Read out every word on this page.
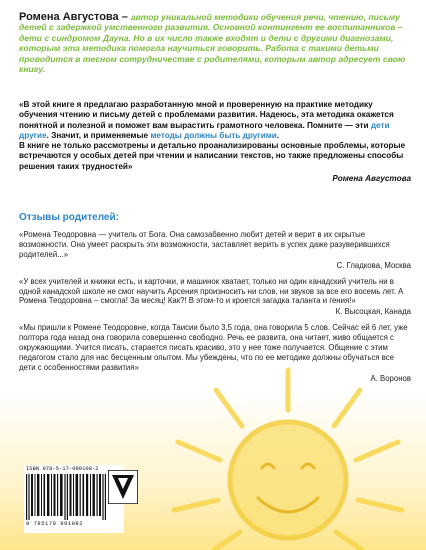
Ромена Августова – автор уникальной методики обучения речи, чтению, письму детей с задержкой умственного развития. Основной контингент ее воспитанников – дети с синдромом Дауна. Но в их число также входят и дети с другими диагнозами, которым эта методика помогла научиться говорить. Работа с такими детьми проводится в тесном сотрудничестве с родителями, которым автор адресует свою книгу.
«В этой книге я предлагаю разработанную мной и проверенную на практике методику обучения чтению и письму детей с проблемами развития. Надеюсь, эта методика окажется понятной и полезной и поможет вам вырастить грамотного человека. Помните — эти дети другие. Значит, и применяемые методы должны быть другими.
В книге не только рассмотрены и детально проанализированы основные проблемы, которые встречаются у особых детей при чтении и написании текстов, но также предложены способы решения таких трудностей»
Ромена Августова
Отзывы родителей:
«Ромена Теодоровна — учитель от Бога. Она самозабвенно любит детей и верит в их скрытые возможности. Она умеет раскрыть эти возможности, заставляет верить в успех даже разуверившихся родителей...»
С. Гладкова, Москва
«У всех учителей и книжки есть, и карточки, и машинок хватает, только ни один канадский учитель ни в одной канадской школе не смог научить Арсения произносить ни слов, ни звуков за все его восемь лет. А Ромена Теодоровна – смогла! За месяц! Как?! В этом-то и кроется загадка таланта и гения!»
К. Высоцкая, Канада
«Мы пришли к Ромене Теодоровне, когда Таисии было 3,5 года, она говорила 5 слов. Сейчас ей 6 лет, уже полтора года назад она говорила совершенно свободно. Речь ее развита, она читает, живо общается с окружающими. Учится писать, старается писать красиво, это у нее тоже получается. Общение с этим педагогом стало для нас бесценным опытом. Мы убеждены, что по ее методике должны обучаться все дети с особенностями развития»
А. Воронов
ISBN 978-5-17-099108-2
9 785170 991082
